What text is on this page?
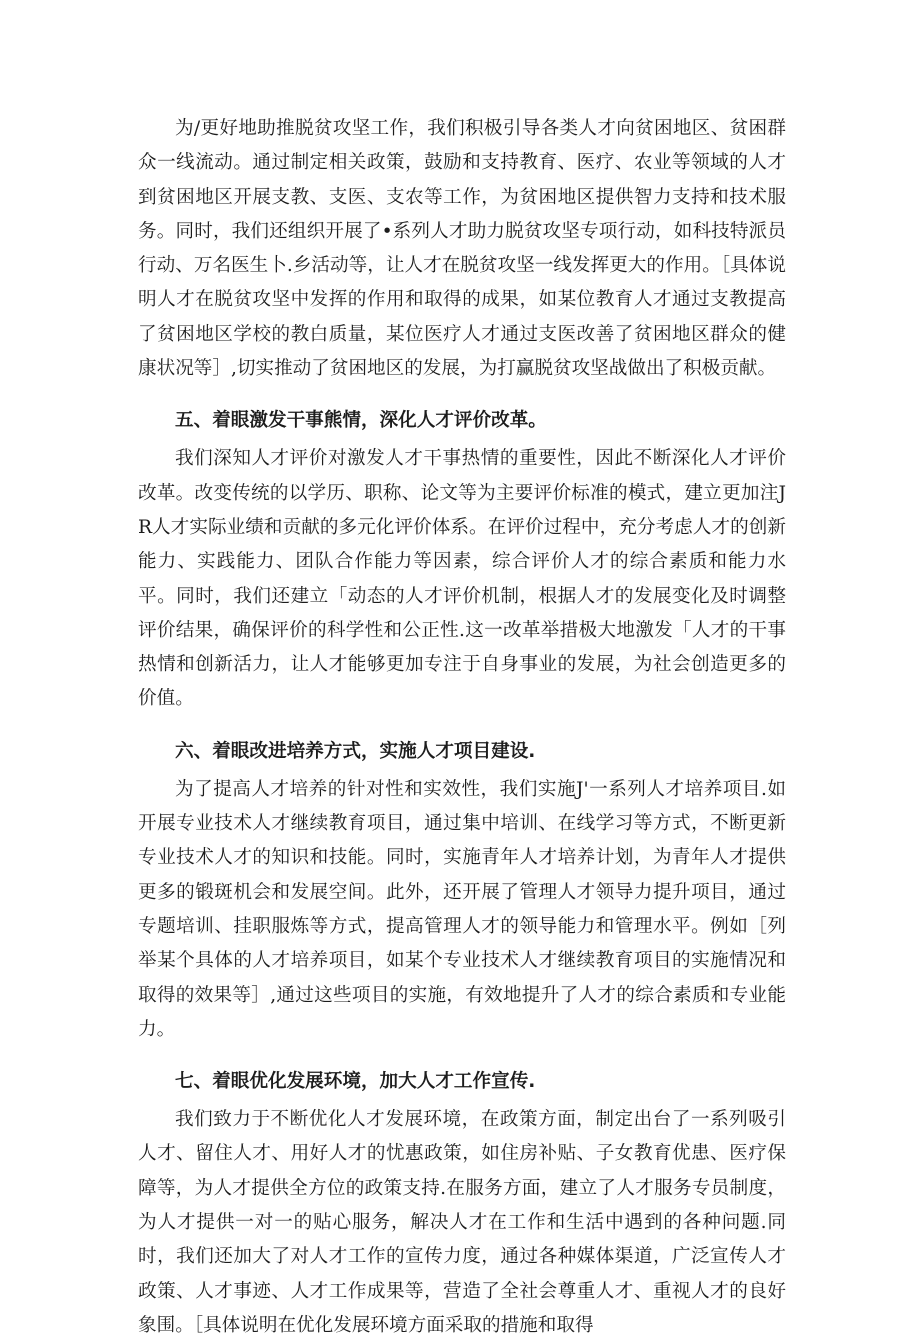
为/更好地助推脱贫攻坚工作，我们积极引导各类人才向贫困地区、贫困群众一线流动。通过制定相关政策，鼓励和支持教育、医疗、农业等领域的人才到贫困地区开展支教、支医、支农等工作，为贫困地区提供智力支持和技术服务。同时，我们还组织开展了•系列人才助力脱贫攻坚专项行动，如科技特派员行动、万名医生卜.乡活动等，让人才在脱贫攻坚一线发挥更大的作用。［具体说明人才在脱贫攻坚中发挥的作用和取得的成果，如某位教育人才通过支教提高了贫困地区学校的教白质量，某位医疗人才通过支医改善了贫困地区群众的健康状况等］,切实推动了贫困地区的发展，为打赢脱贫攻坚战做出了积极贡献。

五、着眼激发干事熊情，深化人才评价改革。

我们深知人才评价对激发人才干事热情的重要性，因此不断深化人才评价改革。改变传统的以学历、职称、论文等为主要评价标准的模式，建立更加注JR人才实际业绩和贡献的多元化评价体系。在评价过程中，充分考虑人才的创新能力、实践能力、团队合作能力等因素，综合评价人才的综合素质和能力水平。同时，我们还建立「动态的人才评价机制，根据人才的发展变化及时调整评价结果，确保评价的科学性和公正性.这一改革举措极大地激发「人才的干事热情和创新活力，让人才能够更加专注于自身事业的发展，为社会创造更多的价值。

六、着眼改进培养方式，实施人才项目建设.

为了提高人才培养的针对性和实效性，我们实施J'一系列人才培养项目.如开展专业技术人才继续教育项目，通过集中培训、在线学习等方式，不断更新专业技术人才的知识和技能。同时，实施青年人才培养计划，为青年人才提供更多的锻斑机会和发展空间。此外，还开展了管理人才领导力提升项目，通过专题培训、挂职服炼等方式，提高管理人才的领导能力和管理水平。例如［列举某个具体的人才培养项目，如某个专业技术人才继续教育项目的实施情况和取得的效果等］,通过这些项目的实施，有效地提升了人才的综合素质和专业能力。

七、着眼优化发展环境，加大人才工作宣传.

我们致力于不断优化人才发展环境，在政策方面，制定出台了一系列吸引人才、留住人才、用好人才的忧惠政策，如住房补贴、子女教育优患、医疗保障等，为人才提供全方位的政策支持.在服务方面，建立了人才服务专员制度，为人才提供一对一的贴心服务，解决人才在工作和生活中遇到的各种问题.同时，我们还加大了对人才工作的宣传力度，通过各种媒体渠道，广泛宣传人才政策、人才事迹、人才工作成果等，营造了全社会尊重人才、重视人才的良好象围。［具体说明在优化发展环境方面采取的措施和取得
